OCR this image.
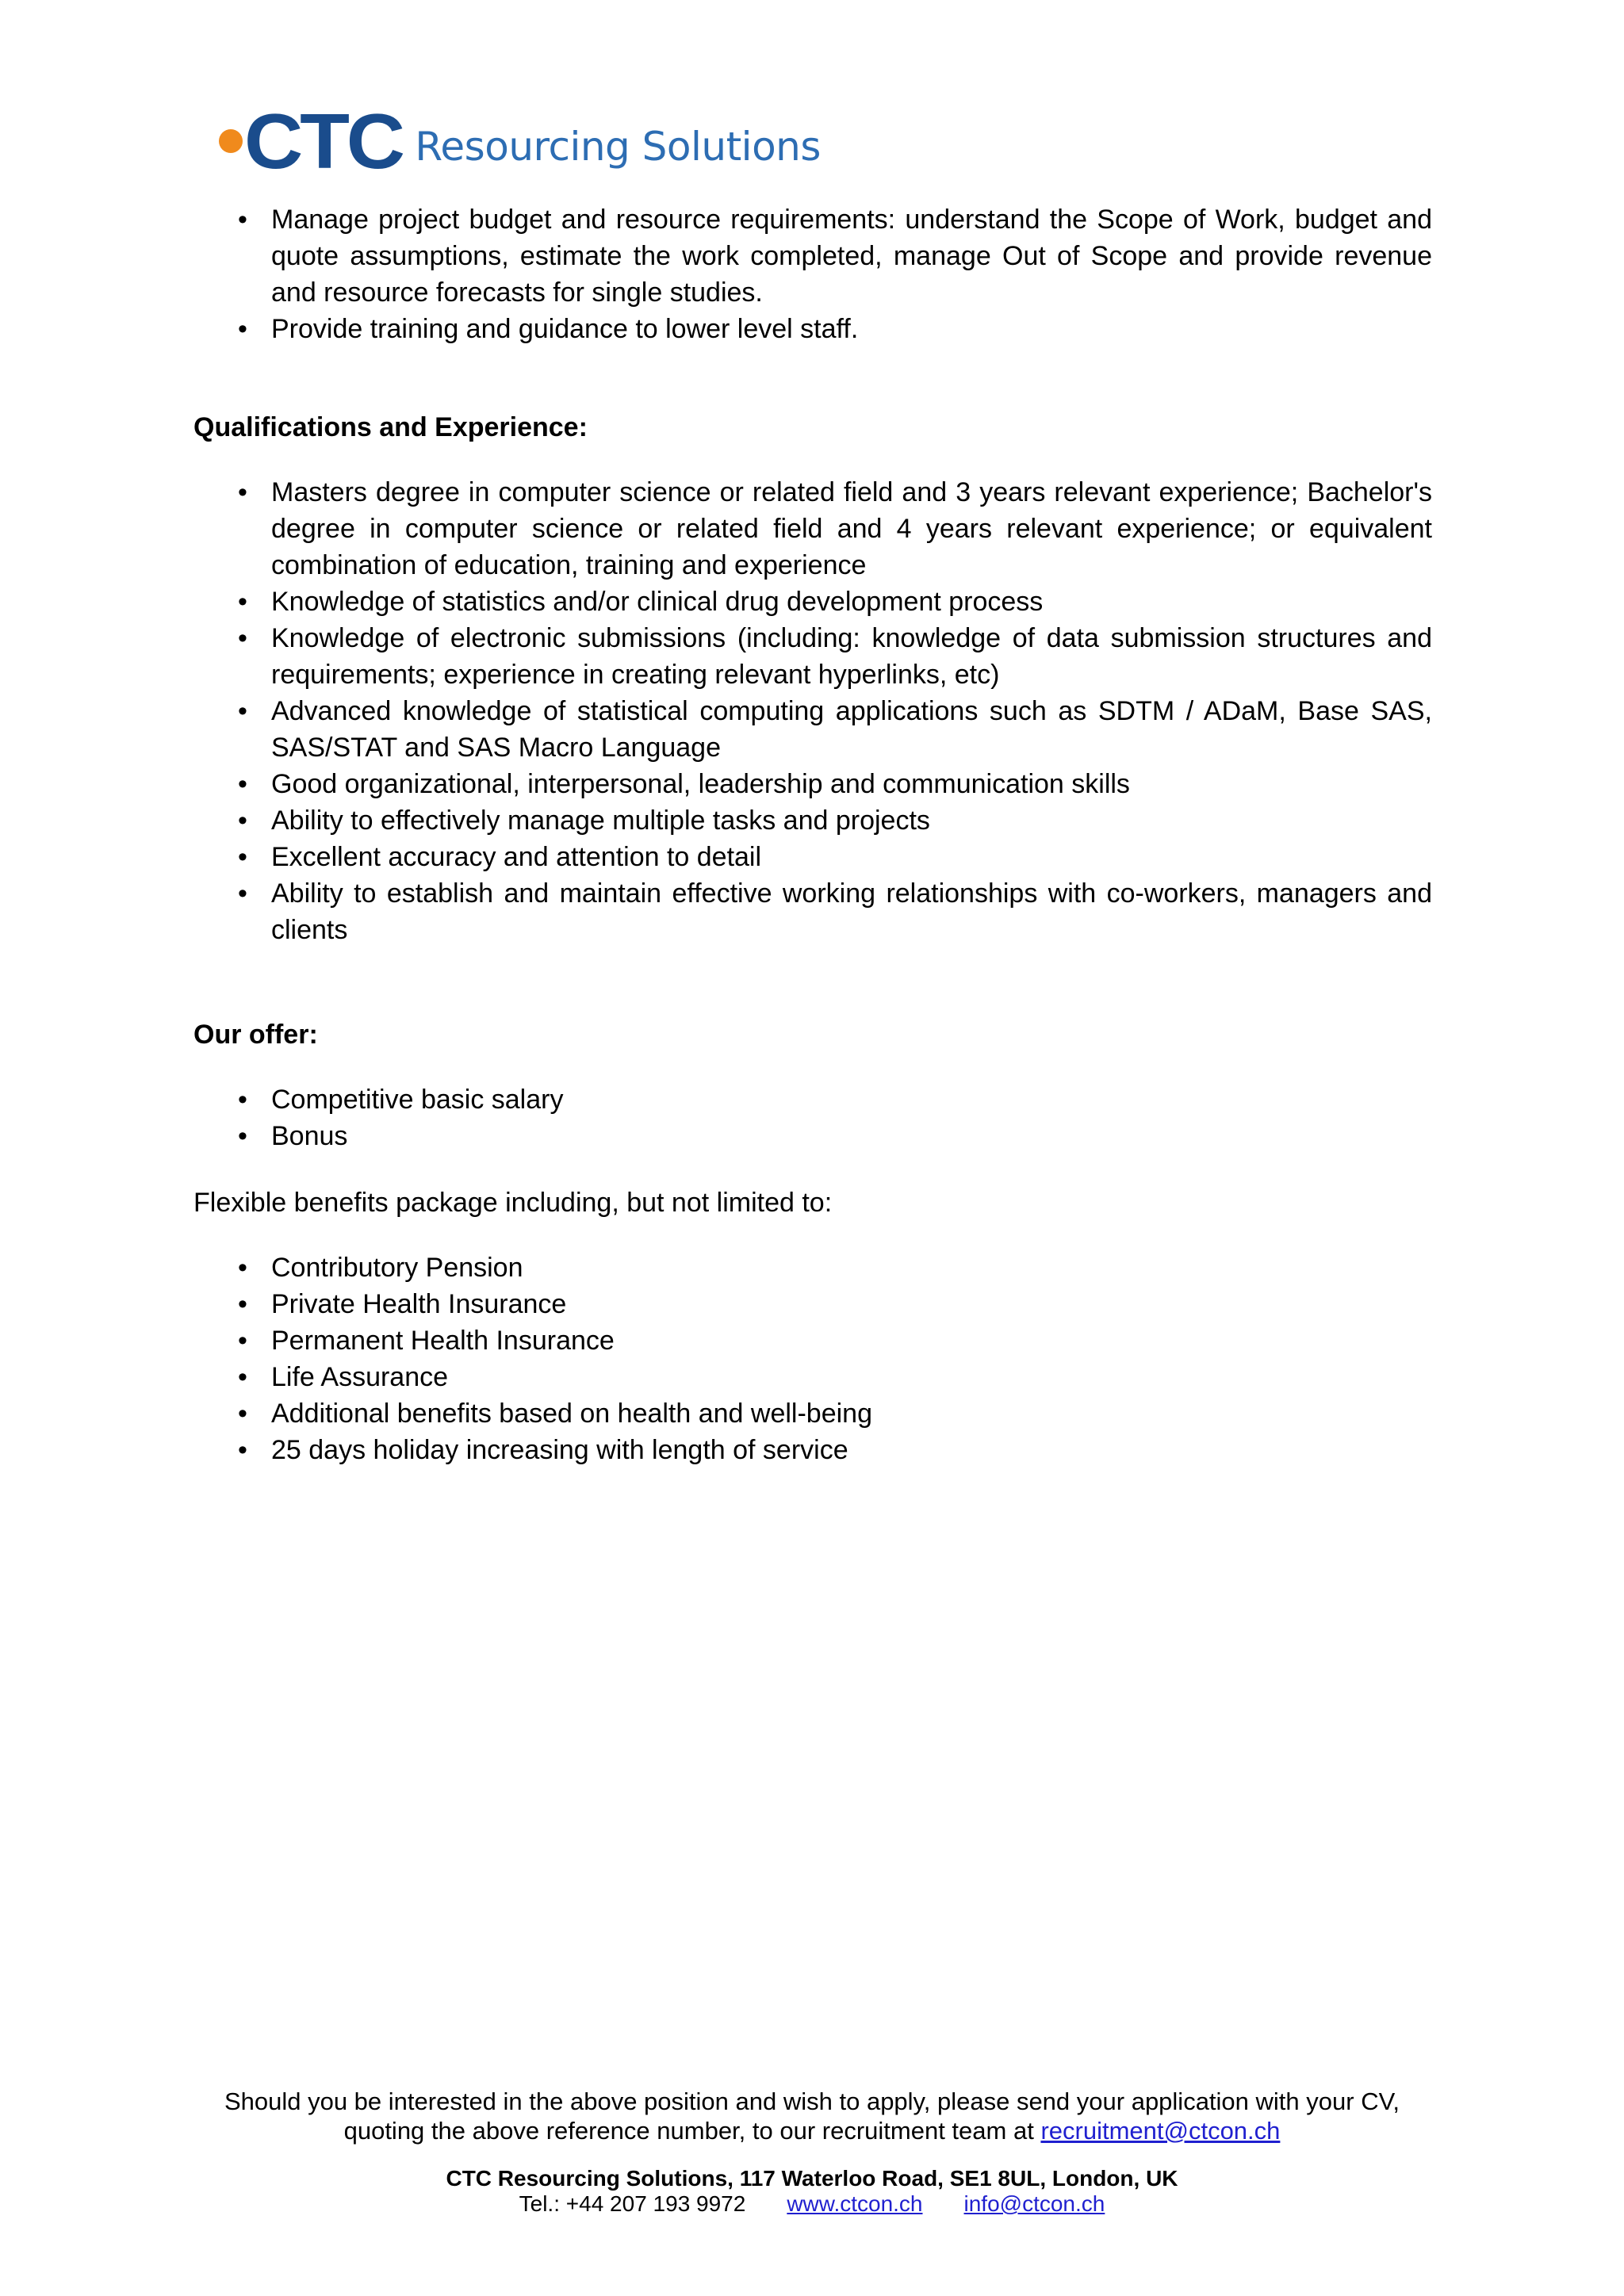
CTC Resourcing Solutions
• Manage project budget and resource requirements: understand the Scope of Work, budget and quote assumptions, estimate the work completed, manage Out of Scope and provide revenue and resource forecasts for single studies.
• Provide training and guidance to lower level staff.

Qualifications and Experience:

• Masters degree in computer science or related field and 3 years relevant experience; Bachelor's degree in computer science or related field and 4 years relevant experience; or equivalent combination of education, training and experience
• Knowledge of statistics and/or clinical drug development process
• Knowledge of electronic submissions (including: knowledge of data submission structures and requirements; experience in creating relevant hyperlinks, etc)
• Advanced knowledge of statistical computing applications such as SDTM / ADaM, Base SAS, SAS/STAT and SAS Macro Language
• Good organizational, interpersonal, leadership and communication skills
• Ability to effectively manage multiple tasks and projects
• Excellent accuracy and attention to detail
• Ability to establish and maintain effective working relationships with co-workers, managers and clients

Our offer:

• Competitive basic salary
• Bonus

Flexible benefits package including, but not limited to:

• Contributory Pension
• Private Health Insurance
• Permanent Health Insurance
• Life Assurance
• Additional benefits based on health and well-being
• 25 days holiday increasing with length of service
Should you be interested in the above position and wish to apply, please send your application with your CV,
quoting the above reference number, to our recruitment team at recruitment@ctcon.ch
CTC Resourcing Solutions, 117 Waterloo Road, SE1 8UL, London, UK
Tel.: +44 207 193 9972 www.ctcon.ch info@ctcon.ch
